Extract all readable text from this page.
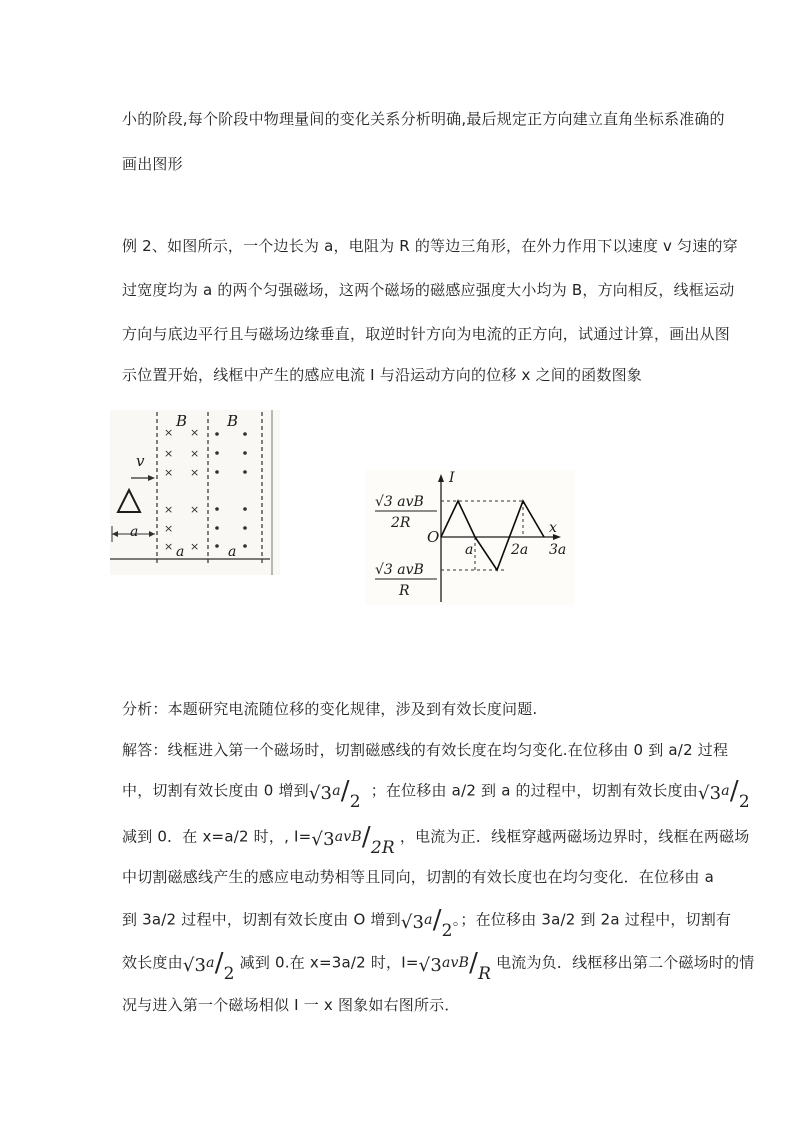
小的阶段,每个阶段中物理量间的变化关系分析明确,最后规定正方向建立直角坐标系准确的
画出图形
例 2、如图所示，一个边长为 a，电阻为 R 的等边三角形，在外力作用下以速度 v 匀速的穿
过宽度均为 a 的两个匀强磁场，这两个磁场的磁感应强度大小均为 B，方向相反，线框运动
方向与底边平行且与磁场边缘垂直，取逆时针方向为电流的正方向，试通过计算，画出从图
示位置开始，线框中产生的感应电流 I 与沿运动方向的位移 x 之间的函数图象
× ×
× ×
× ×
× ×
× ×
×
B	B
v
a
a	a
I
x
O
√3 avB
2R
√3 avB
R
a	2a 3a
分析：本题研究电流随位移的变化规律，涉及到有效长度问题.
解答：线框进入第一个磁场时，切割磁感线的有效长度在均匀变化.在位移由 0 到 a/2 过程
中，切割有效长度由 0 增到√3a/2  ；在位移由 a/2 到 a 的过程中，切割有效长度由√3a/2
减到 0．在 x=a/2 时，, I=√3avB/2R ，电流为正．线框穿越两磁场边界时，线框在两磁场
中切割磁感线产生的感应电动势相等且同向，切割的有效长度也在均匀变化．在位移由 a
到 3a/2 过程中，切割有效长度由 O 增到√3a/2。；在位移由 3a/2 到 2a 过程中，切割有
效长度由√3a/2 减到 0.在 x=3a/2 时，I=√3avB/R 电流为负．线框移出第二个磁场时的情
况与进入第一个磁场相似 I 一 x 图象如右图所示．
